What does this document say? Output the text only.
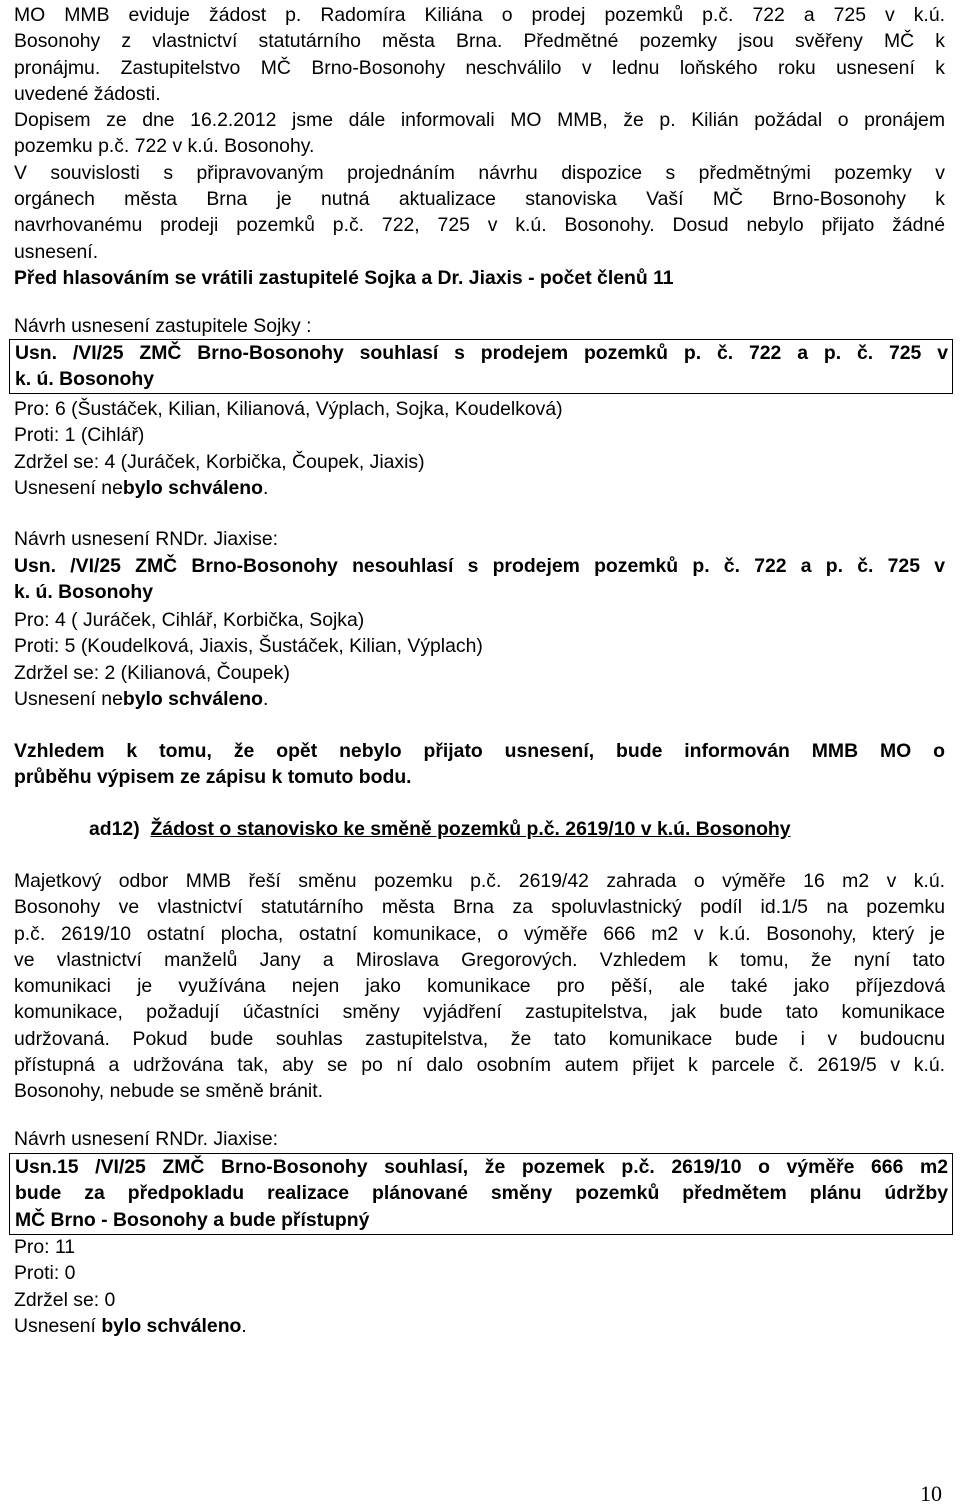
MO MMB eviduje žádost p. Radomíra Kiliána o prodej pozemků p.č. 722 a 725 v k.ú.
Bosonohy z vlastnictví statutárního města Brna. Předmětné pozemky jsou svěřeny MČ k
pronájmu. Zastupitelstvo MČ Brno-Bosonohy neschválilo v lednu loňského roku usnesení k
uvedené žádosti.
Dopisem ze dne 16.2.2012 jsme dále informovali MO MMB, že p. Kilián požádal o pronájem
pozemku p.č. 722 v k.ú. Bosonohy.
V souvislosti s připravovaným projednáním návrhu dispozice s předmětnými pozemky v
orgánech města Brna je nutná aktualizace stanoviska Vaší MČ Brno-Bosonohy k
navrhovanému prodeji pozemků p.č. 722, 725 v k.ú. Bosonohy. Dosud nebylo přijato žádné
usnesení.
Před hlasováním se vrátili zastupitelé Sojka a Dr. Jiaxis - počet členů 11
Návrh usnesení zastupitele Sojky :
Usn. /VI/25 ZMČ Brno-Bosonohy souhlasí s prodejem pozemků p. č. 722 a p. č. 725 v
k. ú. Bosonohy
Pro: 6 (Šustáček, Kilian, Kilianová, Výplach, Sojka, Koudelková)
Proti: 1 (Cihlář)
Zdržel se: 4 (Juráček, Korbička, Čoupek, Jiaxis)
Usnesení nebylo schváleno.
Návrh usnesení RNDr. Jiaxise:
Usn. /VI/25 ZMČ Brno-Bosonohy nesouhlasí s prodejem pozemků p. č. 722 a p. č. 725 v
k. ú. Bosonohy
Pro: 4 ( Juráček, Cihlář, Korbička, Sojka)
Proti: 5 (Koudelková, Jiaxis, Šustáček, Kilian, Výplach)
Zdržel se: 2 (Kilianová, Čoupek)
Usnesení nebylo schváleno.
Vzhledem k tomu, že opět nebylo přijato usnesení, bude informován MMB MO o
průběhu výpisem ze zápisu k tomuto bodu.
ad12) Žádost o stanovisko ke směně pozemků p.č. 2619/10 v k.ú. Bosonohy
Majetkový odbor MMB řeší směnu pozemku p.č. 2619/42 zahrada o výměře 16 m2 v k.ú.
Bosonohy ve vlastnictví statutárního města Brna za spoluvlastnický podíl id.1/5 na pozemku
p.č. 2619/10 ostatní plocha, ostatní komunikace, o výměře 666 m2 v k.ú. Bosonohy, který je
ve vlastnictví manželů Jany a Miroslava Gregorových. Vzhledem k tomu, že nyní tato
komunikaci je využívána nejen jako komunikace pro pěší, ale také jako příjezdová
komunikace, požadují účastníci směny vyjádření zastupitelstva, jak bude tato komunikace
udržovaná. Pokud bude souhlas zastupitelstva, že tato komunikace bude i v budoucnu
přístupná a udržována tak, aby se po ní dalo osobním autem přijet k parcele č. 2619/5 v k.ú.
Bosonohy, nebude se směně bránit.
Návrh usnesení RNDr. Jiaxise:
Usn.15 /VI/25 ZMČ Brno-Bosonohy souhlasí, že pozemek p.č. 2619/10 o výměře 666 m2
bude za předpokladu realizace plánované směny pozemků předmětem plánu údržby
MČ Brno - Bosonohy a bude přístupný
Pro: 11
Proti: 0
Zdržel se: 0
Usnesení bylo schváleno.
10
